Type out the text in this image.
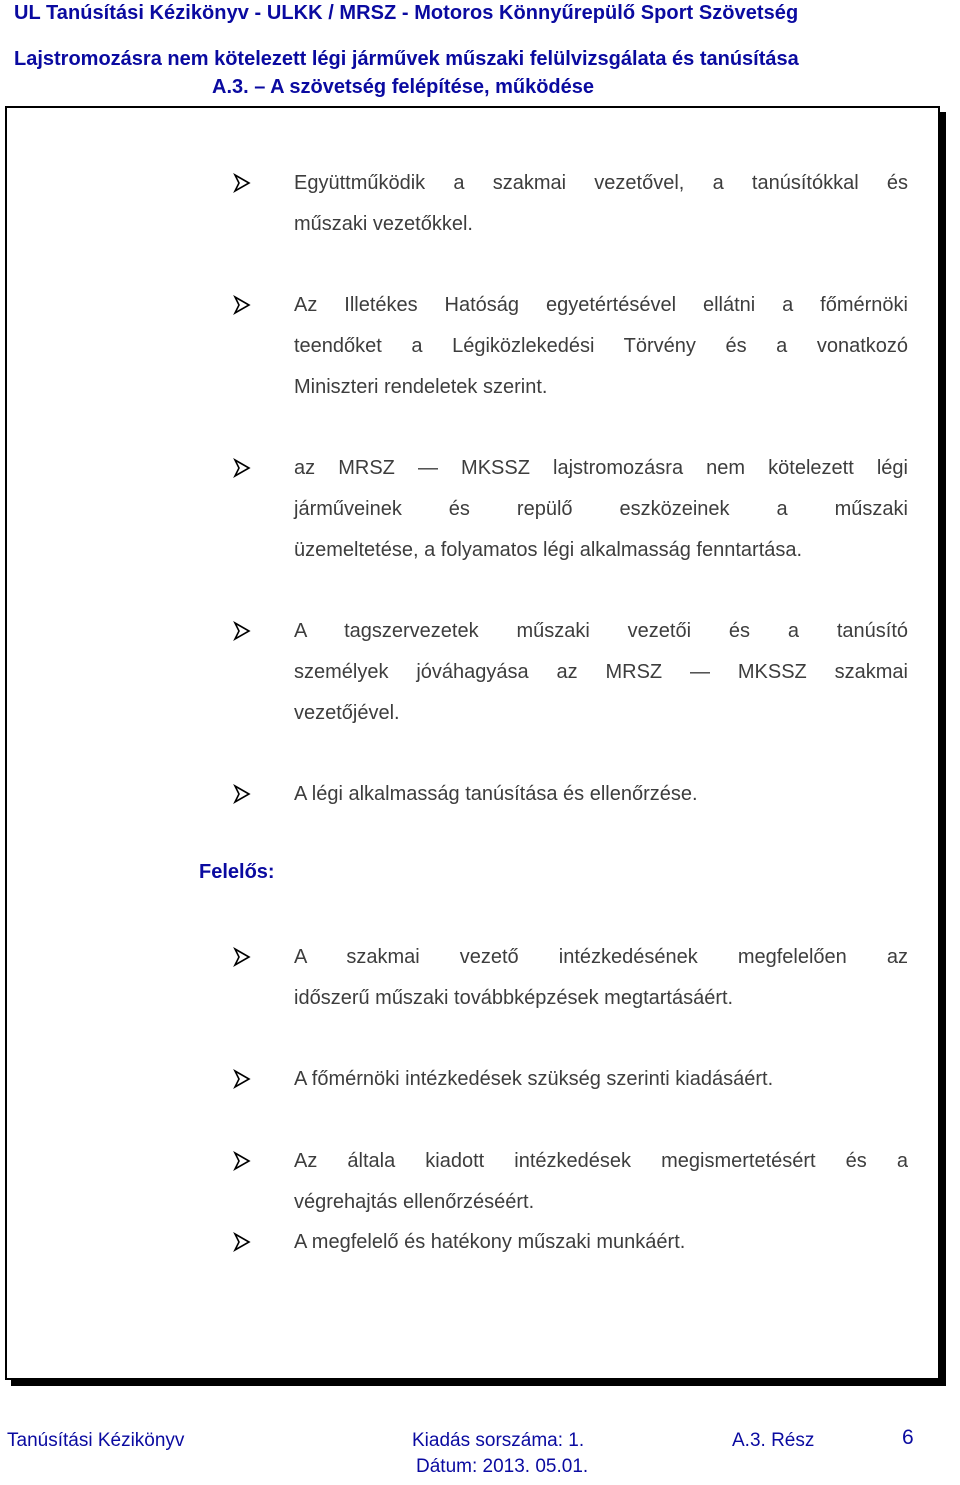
UL Tanúsítási Kézikönyv - ULKK / MRSZ - Motoros Könnyűrepülő Sport Szövetség
Lajstromozásra nem kötelezett légi járművek műszaki felülvizsgálata és tanúsítása
A.3. – A szövetség felépítése, működése
Együttműködik a szakmai vezetővel, a tanúsítókkal és
műszaki vezetőkkel.
Az Illetékes Hatóság egyetértésével ellátni a főmérnöki
teendőket a Légiközlekedési Törvény és a vonatkozó
Miniszteri rendeletek szerint.
az MRSZ — MKSSZ lajstromozásra nem kötelezett légi
járműveinek és repülő eszközeinek a műszaki
üzemeltetése, a folyamatos légi alkalmasság fenntartása.
A tagszervezetek műszaki vezetői és a tanúsító
személyek jóváhagyása az MRSZ — MKSSZ szakmai
vezetőjével.
A légi alkalmasság tanúsítása és ellenőrzése.
Felelős:
A szakmai vezető intézkedésének megfelelően az
időszerű műszaki továbbképzések megtartásáért.
A főmérnöki intézkedések szükség szerinti kiadásáért.
Az általa kiadott intézkedések megismertetésért és a
végrehajtás ellenőrzéséért.
A megfelelő és hatékony műszaki munkáért.
Tanúsítási Kézikönyv	Kiadás sorszáma: 1.	A.3. Rész	6
Dátum: 2013. 05.01.
